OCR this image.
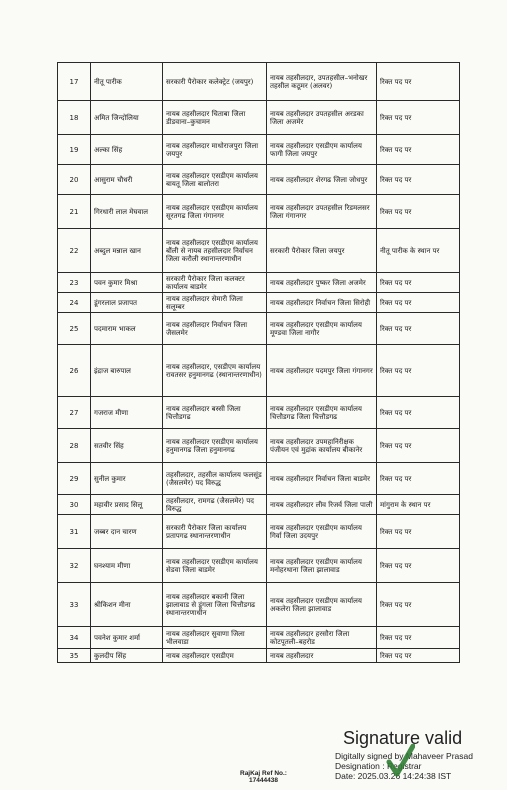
17	नीतू पारीक	सरकारी पैरोकार कलेक्ट्रेट (जयपुर)	नायब तहसीलदार, उपतहसील–भनोखर तहसील कठूमर (अलवर)	रिक्त पद पर
18	अमित जिन्दोलिया	नायब तहसीलदार चिताबा जिला डीडवाना–कुचामन	नायब तहसीलदार उपतहसील अरडका जिला अजमेर	रिक्त पद पर
19	अल्का सिंह	नायब तहसीलदार माधोराजपुरा जिला जयपुर	नायब तहसीलदार एसडीएम कार्यालय फागी जिला जयपुर	रिक्त पद पर
20	आसुराम चौधरी	नायब तहसीलदार एसडीएम कार्यालय बायतू जिला बालोतरा	नायब तहसीलदार शेरगढ जिला जोधपुर	रिक्त पद पर
21	गिरधारी लाल मेघवाल	नायब तहसीलदार एसडीएम कार्यालय सूरतगढ जिला गंगानगर	नायब तहसीलदार उपतहसील रिडमलसर जिला गंगानगर	रिक्त पद पर
22	अब्दुल मन्नाल खान	नायब तहसीलदार एसडीएम कार्यालय बौंली से नायब तहसीलदार निर्वाचन जिला करौली स्थानान्तरणाधीन	सरकारी पैरोकार जिला जयपुर	नीतू पारीक के स्थान पर
23	पवन कुमार मिश्रा	सरकारी पैरोकार जिला कलक्टर कार्यालय बाडमेर	नायब तहसीलदार पुष्कर जिला अजमेर	रिक्त पद पर
24	डूंगरलाल प्रजापत	नायब तहसीलदार सेमारी जिला सलूम्बर	नायब तहसीलदार निर्वाचन जिला सिरोही	रिक्त पद पर
25	पदमाराम भाकल	नायब तहसीलदार निर्वाचन जिला जैसलमेर	नायब तहसीलदार एसडीएम कार्यालय मूण्डवा जिला नागौर	रिक्त पद पर
26	इंद्राज बारुपाल	नायब तहसीलदार, एसडीएम कार्यालय रावतसर हनुमानगढ (स्थानान्तरणाधीन)	नायब तहसीलदार पदमपुर जिला गंगानगर	रिक्त पद पर
27	गजराज मीणा	नायब तहसीलदार बस्सी जिला चित्तौडगढ	नायब तहसीलदार एसडीएम कार्यालय चित्तौडगढ जिला चित्तौडगढ	रिक्त पद पर
28	सतवीर सिंह	नायब तहसीलदार एसडीएम कार्यालय हनुमानगढ जिला हनुमानगढ	नायब तहसीलदार उपमहानिरीक्षक पंजीयन एवं मुद्रांक कार्यालय बीकानेर	रिक्त पद पर
29	सुनील कुमार	तहसीलदार, तहसील कार्यालय फलसूंड (जैसलमेर) पद विरुद्ध	नायब तहसीलदार निर्वाचन जिला बाडमेर	रिक्त पद पर
30	महावीर प्रसाद सिलू	तहसीलदार, रामगढ (जैसलमेर) पद विरुद्ध	नायब तहसीलदार लीव रिजर्व जिला पाली	मांगुराम के स्थान पर
31	जब्बर दान चारण	सरकारी पैरोकार जिला कार्यालय प्रतापगढ स्थानान्तरणाधीन	नायब तहसीलदार एसडीएम कार्यालय गिर्वा जिला उदयपुर	रिक्त पद पर
32	घनश्याम मीणा	नायब तहसीलदार एसडीएम कार्यालय सेडवा जिला बाडमेर	नायब तहसीलदार एसडीएम कार्यालय मनोहरथाना जिला झालावाड	रिक्त पद पर
33	श्रीकिशन मीना	नायब तहसीलदार बकानी जिला झालावाड से डूंगला जिला चित्तौडगढ स्थानान्तरणाधीन	नायब तहसीलदार एसडीएम कार्यालय अकलेरा जिला झालावाड	रिक्त पद पर
34	पवनेश कुमार शर्मा	नायब तहसीलदार सुवाणा जिला भीलवाडा	नायब तहसीलदार हरसौरा जिला कोटपूतली–बहरोड	रिक्त पद पर
35	कुलदीप सिंह	नायब तहसीलदार एसडीएम	नायब तहसीलदार	रिक्त पद पर
Signature valid
Digitally signed by Mahaveer Prasad
Designation : Registrar
Date: 2025.03.26 14:24:38 IST
RajKaj Ref No.:
17444438
